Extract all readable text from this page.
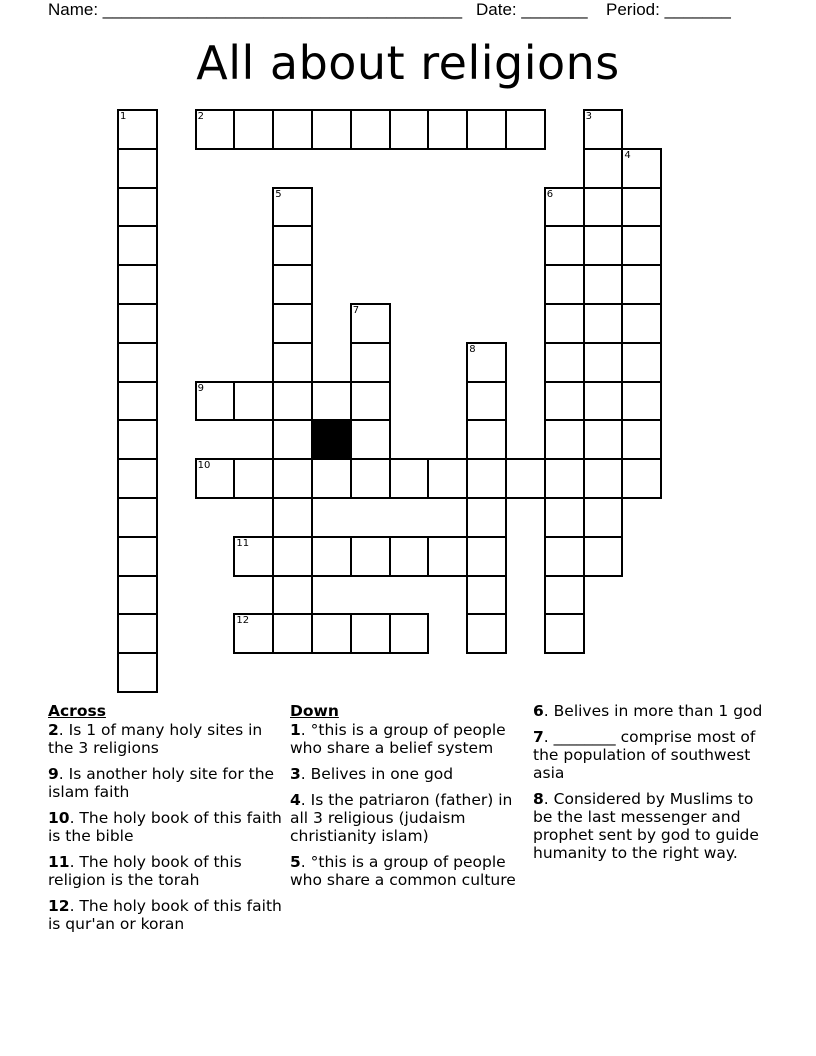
Name: ______________________________________ Date: _______ Period: _______
All about religions
1	2	3
4
5	6
7
8
9
10
11
12
Across
2. Is 1 of many holy sites in the 3 religions
9. Is another holy site for the islam faith
10. The holy book of this faith is the bible
11. The holy book of this religion is the torah
12. The holy book of this faith is qur'an or koran
Down
1. °this is a group of people who share a belief system
3. Belives in one god
4. Is the patriaron (father) in all 3 religious (judaism christianity islam)
5. °this is a group of people who share a common culture
6. Belives in more than 1 god
7. ________ comprise most of the population of southwest asia
8. Considered by Muslims to be the last messenger and prophet sent by god to guide humanity to the right way.
